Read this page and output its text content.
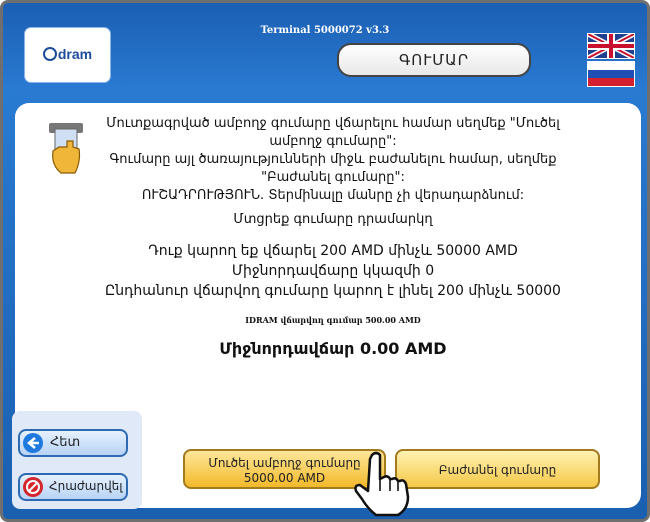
Terminal 5000072 v3.3
dram	ԳՈՒՄԱՐ
Մուտքագրված ամբողջ գումարը վճարելու համար սեղմեք "Մուծել
ամբողջ գումարը":
Գումարը այլ ծառայությունների միջև բաժանելու համար, սեղմեք
"Բաժանել գումարը":
ՈՒՇԱԴՐՈՒԹՅՈՒՆ. Տերմինալը մանրը չի վերադարձնում:
Մտցրեք գումարը դրամարկղ
Դուք կարող եք վճարել 200 AMD մինչև 50000 AMD
Միջնորդավճարը կկազմի 0
Ընդհանուր վճարվող գումարը կարող է լինել 200 մինչև 50000
IDRAM վճարվող գումար 500.00 AMD
Միջնորդավճար 0.00 AMD
Հետ
Հրաժարվել
Մուծել ամբողջ գումարը
5000.00 AMD
Բաժանել գումարը
